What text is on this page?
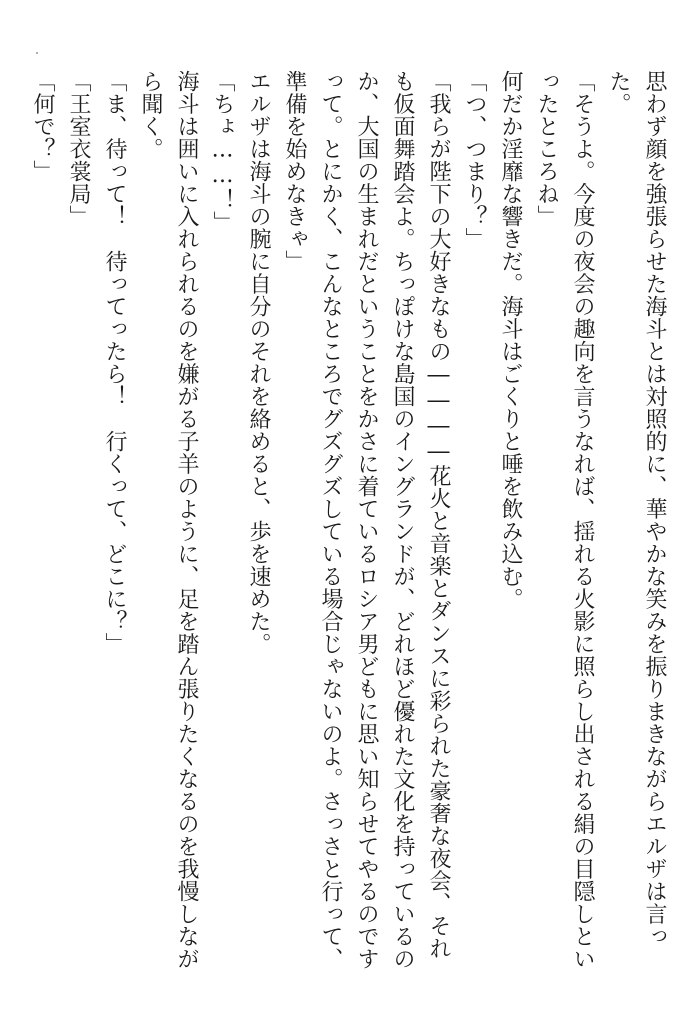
思わず顔を強張らせた海斗とは対照的に、華やかな笑みを振りまきながらエルザは言った。

「そうよ。今度の夜会の趣向を言うなれば、揺れる火影に照らし出される絹の目隠しといったところね」

何だか淫靡な響きだ。海斗はごくりと唾を飲み込む。

「つ、つまり？」

「我らが陛下の大好きなもの――――花火と音楽とダンスに彩られた豪奢な夜会、それも仮面舞踏会よ。ちっぽけな島国のイングランドが、どれほど優れた文化を持っているのか、大国の生まれだということをかさに着ているロシア男どもに思い知らせてやるのですって。とにかく、こんなところでグズグズしている場合じゃないのよ。さっさと行って、準備を始めなきゃ」

エルザは海斗の腕に自分のそれを絡めると、歩を速めた。

「ちょ……！」

海斗は囲いに入れられるのを嫌がる子羊のように、足を踏ん張りたくなるのを我慢しながら聞く。

「ま、待って！　待ってったら！　行くって、どこに？」

「王室衣裳局」

「何で？」
